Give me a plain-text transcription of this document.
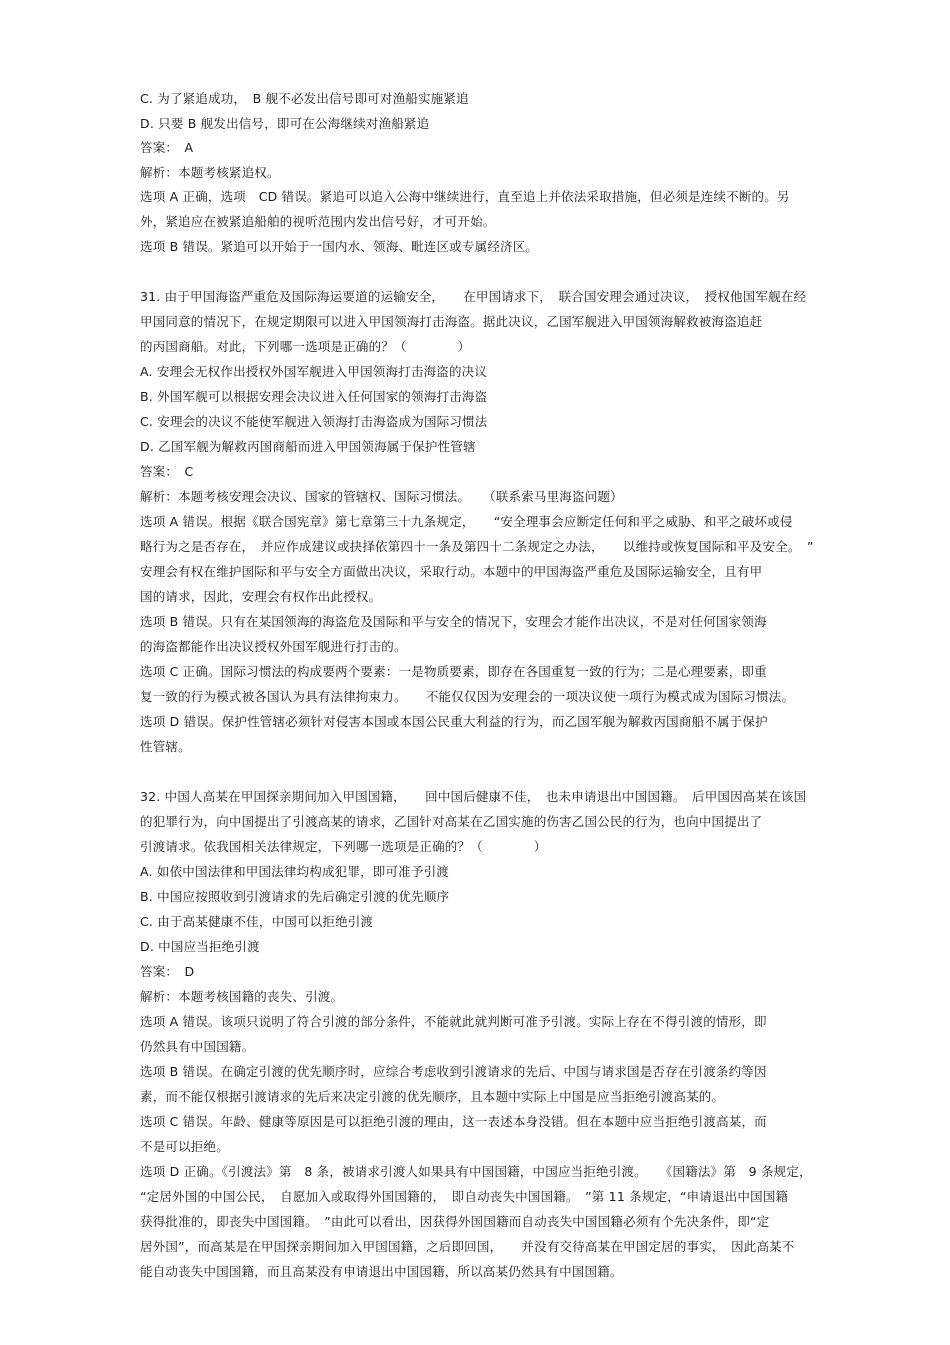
C. 为了紧追成功，　B 舰不必发出信号即可对渔船实施紧追
D. 只要 B 舰发出信号，即可在公海继续对渔船紧追
答案：　A
解析：本题考核紧追权。
选项 A 正确，选项　CD 错误。紧追可以追入公海中继续进行，直至追上并依法采取措施，但必须是连续不断的。另
外，紧追应在被紧追船舶的视听范围内发出信号好，才可开始。
选项 B 错误。紧追可以开始于一国内水、领海、毗连区或专属经济区。
31. 由于甲国海盗严重危及国际海运要道的运输安全，　　在甲国请求下，　联合国安理会通过决议，　授权他国军舰在经
甲国同意的情况下，在规定期限可以进入甲国领海打击海盗。据此决议，乙国军舰进入甲国领海解救被海盗追赶
的丙国商船。对此，下列哪一选项是正确的？（　　　　）
A. 安理会无权作出授权外国军舰进入甲国领海打击海盗的决议
B. 外国军舰可以根据安理会决议进入任何国家的领海打击海盗
C. 安理会的决议不能使军舰进入领海打击海盗成为国际习惯法
D. 乙国军舰为解救丙国商船而进入甲国领海属于保护性管辖
答案：　C
解析：本题考核安理会决议、国家的管辖权、国际习惯法。　　（联系索马里海盗问题）
选项 A 错误。根据《联合国宪章》第七章第三十九条规定，　　“安全理事会应断定任何和平之威胁、和平之破坏或侵
略行为之是否存在，　并应作成建议或抉择依第四十一条及第四十二条规定之办法，　　以维持或恢复国际和平及安全。　”
安理会有权在维护国际和平与安全方面做出决议，采取行动。本题中的甲国海盗严重危及国际运输安全，且有甲
国的请求，因此，安理会有权作出此授权。
选项 B 错误。只有在某国领海的海盗危及国际和平与安全的情况下，安理会才能作出决议，不是对任何国家领海
的海盗都能作出决议授权外国军舰进行打击的。
选项 C 正确。国际习惯法的构成要两个要素：一是物质要素，即存在各国重复一致的行为；二是心理要素，即重
复一致的行为模式被各国认为具有法律拘束力。　　不能仅仅因为安理会的一项决议使一项行为模式成为国际习惯法。
选项 D 错误。保护性管辖必须针对侵害本国或本国公民重大利益的行为，而乙国军舰为解救丙国商船不属于保护
性管辖。
32. 中国人高某在甲国探亲期间加入甲国国籍，　　回中国后健康不佳，　也未申请退出中国国籍。　后甲国因高某在该国
的犯罪行为，向中国提出了引渡高某的请求，乙国针对高某在乙国实施的伤害乙国公民的行为，也向中国提出了
引渡请求。依我国相关法律规定，下列哪一选项是正确的？（　　　　）
A. 如依中国法律和甲国法律均构成犯罪，即可准予引渡
B. 中国应按照收到引渡请求的先后确定引渡的优先顺序
C. 由于高某健康不佳，中国可以拒绝引渡
D. 中国应当拒绝引渡
答案：　D
解析：本题考核国籍的丧失、引渡。
选项 A 错误。该项只说明了符合引渡的部分条件，不能就此就判断可准予引渡。实际上存在不得引渡的情形，即
仍然具有中国国籍。
选项 B 错误。在确定引渡的优先顺序时，应综合考虑收到引渡请求的先后、中国与请求国是否存在引渡条约等因
素，而不能仅根据引渡请求的先后来决定引渡的优先顺序，且本题中实际上中国是应当拒绝引渡高某的。
选项 C 错误。年龄、健康等原因是可以拒绝引渡的理由，这一表述本身没错。但在本题中应当拒绝引渡高某，而
不是可以拒绝。
选项 D 正确。《引渡法》第　8 条，被请求引渡人如果具有中国国籍，中国应当拒绝引渡。　　《国籍法》第　9 条规定，
“定居外国的中国公民，　自愿加入或取得外国国籍的，　即自动丧失中国国籍。　”第 11 条规定，“申请退出中国国籍
获得批准的，即丧失中国国籍。　”由此可以看出，因获得外国国籍而自动丧失中国国籍必须有个先决条件，即“定
居外国”，而高某是在甲国探亲期间加入甲国国籍，之后即回国，　　并没有交待高某在甲国定居的事实，　因此高某不
能自动丧失中国国籍，而且高某没有申请退出中国国籍，所以高某仍然具有中国国籍。
